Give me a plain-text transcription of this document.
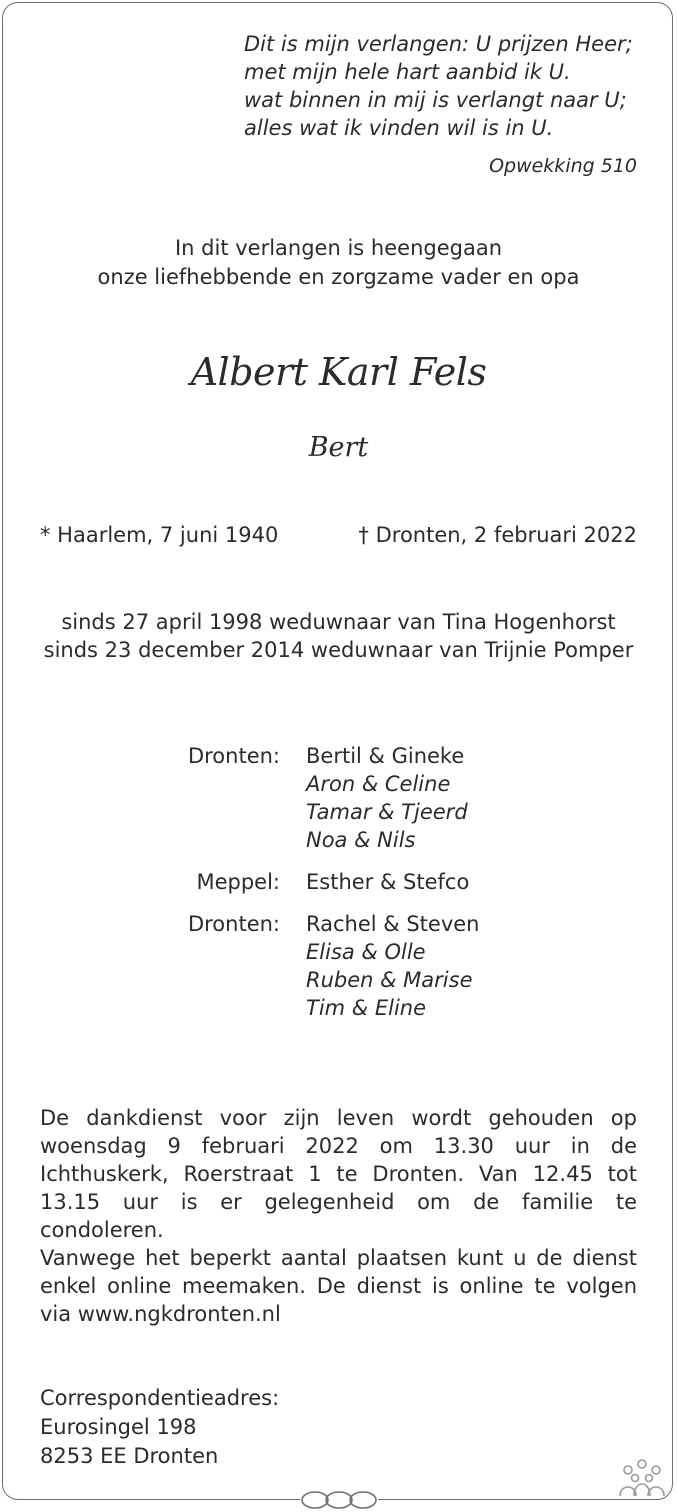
Dit is mijn verlangen: U prijzen Heer;
met mijn hele hart aanbid ik U.
wat binnen in mij is verlangt naar U;
alles wat ik vinden wil is in U.
Opwekking 510
In dit verlangen is heengegaan
onze liefhebbende en zorgzame vader en opa
Albert Karl Fels
Bert
* Haarlem, 7 juni 1940	† Dronten, 2 februari 2022
sinds 27 april 1998 weduwnaar van Tina Hogenhorst
sinds 23 december 2014 weduwnaar van Trijnie Pomper
Dronten: Bertil & Gineke
Aron & Celine
Tamar & Tjeerd
Noa & Nils
Meppel: Esther & Stefco
Dronten: Rachel & Steven
Elisa & Olle
Ruben & Marise
Tim & Eline
De dankdienst voor zijn leven wordt gehouden op woensdag 9 februari 2022 om 13.30 uur in de Ichthuskerk, Roerstraat 1 te Dronten. Van 12.45 tot 13.15 uur is er gelegenheid om de familie te condoleren.
Vanwege het beperkt aantal plaatsen kunt u de dienst enkel online meemaken. De dienst is online te volgen via www.ngkdronten.nl
Correspondentieadres:
Eurosingel 198
8253 EE Dronten
